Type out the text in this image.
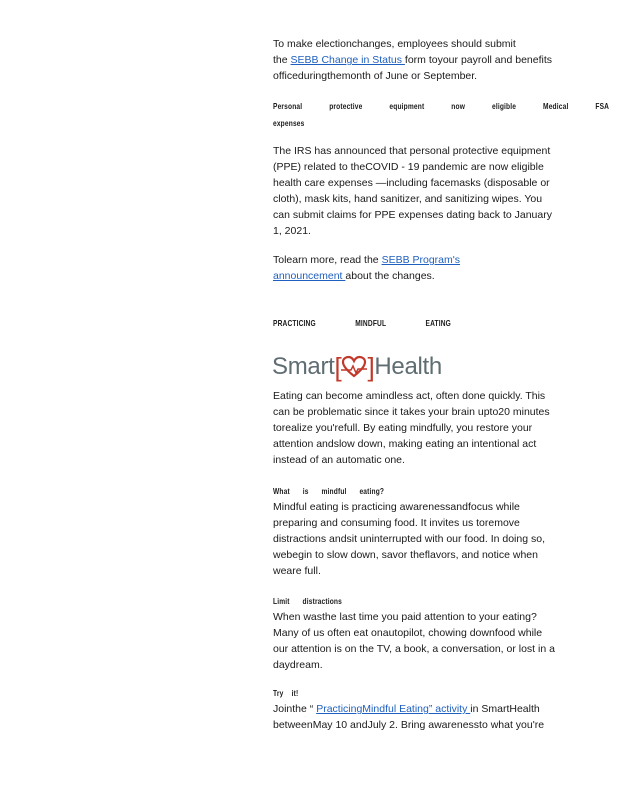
To make electionchanges, employees should submit

the SEBB Change in Status form toyour payroll and benefits

officeduringthemonth of June or September.

Personal protective equipment now eligible Medical FSA
expenses

The IRS has announced that personal protective equipment

(PPE) related to theCOVID - 19 pandemic are now eligible

health care expenses —including facemasks (disposable or

cloth), mask kits, hand sanitizer, and sanitizing wipes. You

can submit claims for PPE expenses dating back to January

1, 2021.

Tolearn more, read the SEBB Program's

announcement about the changes.

PRACTICING MINDFUL EATING
Smart [ ] Health

Eating can become amindless act, often done quickly. This

can be problematic since it takes your brain upto20 minutes

torealize you'refull. By eating mindfully, you restore your

attention andslow down, making eating an intentional act

instead of an automatic one.

What is mindful eating?

Mindful eating is practicing awarenessandfocus while

preparing and consuming food. It invites us toremove

distractions andsit uninterrupted with our food. In doing so,

webegin to slow down, savor theflavors, and notice when

weare full.

Limit distractions

When wasthe last time you paid attention to your eating?

Many of us often eat onautopilot, chowing downfood while

our attention is on the TV, a book, a conversation, or lost in a

daydream.

Try it!

Jointhe “ PracticingMindful Eating” activity in SmartHealth

betweenMay 10 andJuly 2. Bring awarenessto what you're
